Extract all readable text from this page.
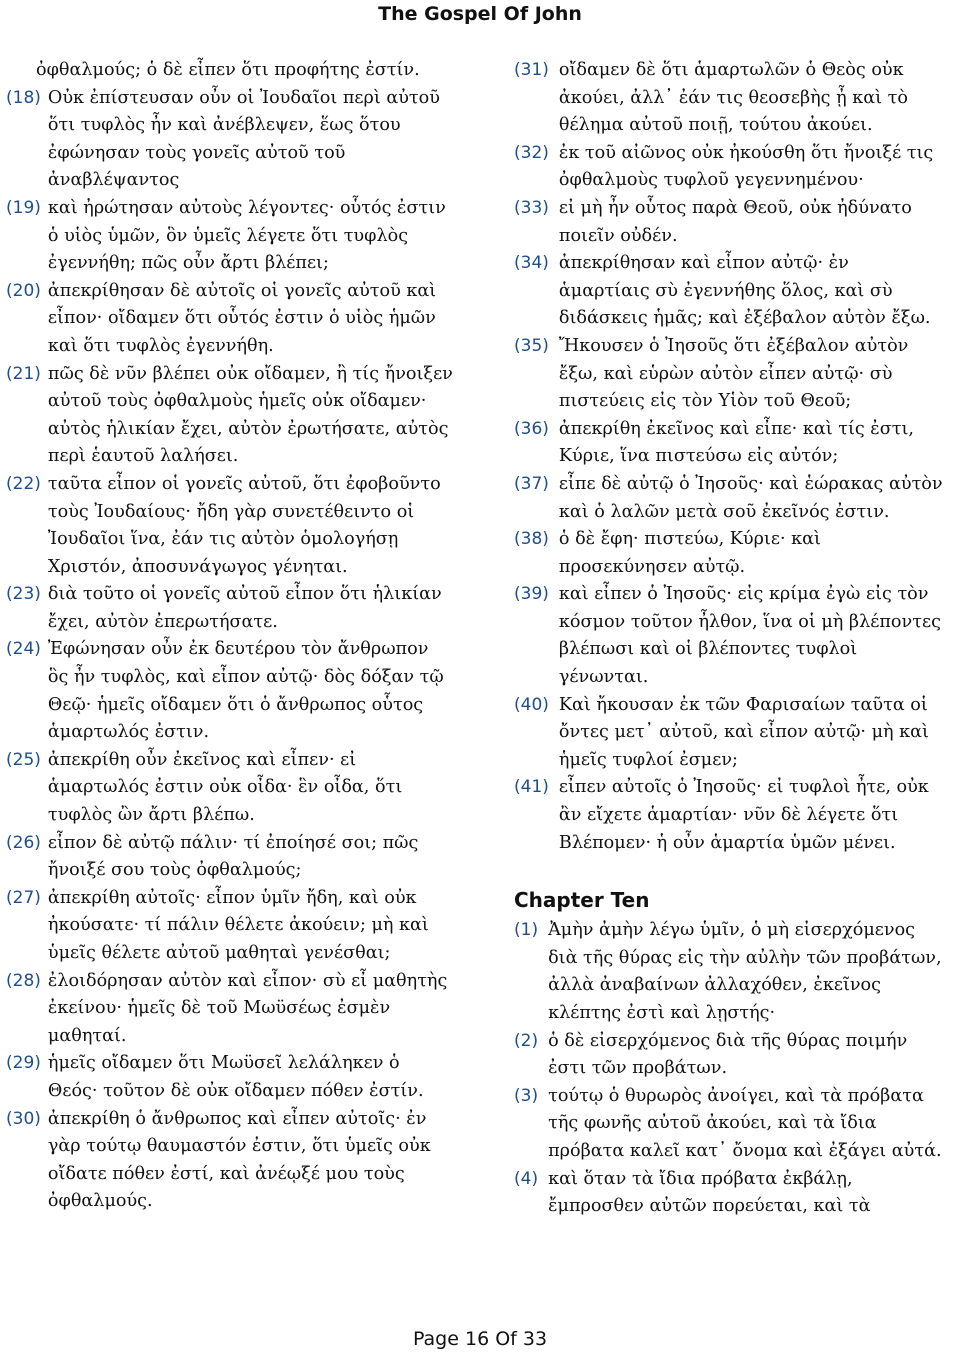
The Gospel Of John
ὀφθαλμούς; ὁ δὲ εἶπεν ὅτι προφήτης ἐστίν.
(18) Οὐκ ἐπίστευσαν οὖν οἱ Ἰουδαῖοι περὶ αὐτοῦ ὅτι τυφλὸς ἦν καὶ ἀνέβλεψεν, ἕως ὅτου ἐφώνησαν τοὺς γονεῖς αὐτοῦ τοῦ ἀναβλέψαντος
(19) καὶ ἠρώτησαν αὐτοὺς λέγοντες· οὗτός ἐστιν ὁ υἱὸς ὑμῶν, ὃν ὑμεῖς λέγετε ὅτι τυφλὸς ἐγεννήθη; πῶς οὖν ἄρτι βλέπει;
(20) ἀπεκρίθησαν δὲ αὐτοῖς οἱ γονεῖς αὐτοῦ καὶ εἶπον· οἴδαμεν ὅτι οὗτός ἐστιν ὁ υἱὸς ἡμῶν καὶ ὅτι τυφλὸς ἐγεννήθη.
(21) πῶς δὲ νῦν βλέπει οὐκ οἴδαμεν, ἢ τίς ἤνοιξεν αὐτοῦ τοὺς ὀφθαλμοὺς ἡμεῖς οὐκ οἴδαμεν· αὐτὸς ἡλικίαν ἔχει, αὐτὸν ἐρωτήσατε, αὐτὸς περὶ ἑαυτοῦ λαλήσει.
(22) ταῦτα εἶπον οἱ γονεῖς αὐτοῦ, ὅτι ἐφοβοῦντο τοὺς Ἰουδαίους· ἤδη γὰρ συνετέθειντο οἱ Ἰουδαῖοι ἵνα, ἐάν τις αὐτὸν ὁμολογήσῃ Χριστόν, ἀποσυνάγωγος γένηται.
(23) διὰ τοῦτο οἱ γονεῖς αὐτοῦ εἶπον ὅτι ἡλικίαν ἔχει, αὐτὸν ἐπερωτήσατε.
(24) Ἐφώνησαν οὖν ἐκ δευτέρου τὸν ἄνθρωπον ὃς ἦν τυφλὸς, καὶ εἶπον αὐτῷ· δὸς δόξαν τῷ Θεῷ· ἡμεῖς οἴδαμεν ὅτι ὁ ἄνθρωπος οὗτος ἁμαρτωλός ἐστιν.
(25) ἀπεκρίθη οὖν ἐκεῖνος καὶ εἶπεν· εἰ ἁμαρτωλός ἐστιν οὐκ οἶδα· ἓν οἶδα, ὅτι τυφλὸς ὢν ἄρτι βλέπω.
(26) εἶπον δὲ αὐτῷ πάλιν· τί ἐποίησέ σοι; πῶς ἤνοιξέ σου τοὺς ὀφθαλμούς;
(27) ἀπεκρίθη αὐτοῖς· εἶπον ὑμῖν ἤδη, καὶ οὐκ ἠκούσατε· τί πάλιν θέλετε ἀκούειν; μὴ καὶ ὑμεῖς θέλετε αὐτοῦ μαθηταὶ γενέσθαι;
(28) ἐλοιδόρησαν αὐτὸν καὶ εἶπον· σὺ εἶ μαθητὴς ἐκείνου· ἡμεῖς δὲ τοῦ Μωϋσέως ἐσμὲν μαθηταί.
(29) ἡμεῖς οἴδαμεν ὅτι Μωϋσεῖ λελάληκεν ὁ Θεός· τοῦτον δὲ οὐκ οἴδαμεν πόθεν ἐστίν.
(30) ἀπεκρίθη ὁ ἄνθρωπος καὶ εἶπεν αὐτοῖς· ἐν γὰρ τούτῳ θαυμαστόν ἐστιν, ὅτι ὑμεῖς οὐκ οἴδατε πόθεν ἐστί, καὶ ἀνέῳξέ μου τοὺς ὀφθαλμούς.
(31) οἴδαμεν δὲ ὅτι ἁμαρτωλῶν ὁ Θεὸς οὐκ ἀκούει, ἀλλ᾽ ἐάν τις θεοσεβὴς ᾖ καὶ τὸ θέλημα αὐτοῦ ποιῇ, τούτου ἀκούει.
(32) ἐκ τοῦ αἰῶνος οὐκ ἠκούσθη ὅτι ἤνοιξέ τις ὀφθαλμοὺς τυφλοῦ γεγεννημένου·
(33) εἰ μὴ ἦν οὗτος παρὰ Θεοῦ, οὐκ ἠδύνατο ποιεῖν οὐδέν.
(34) ἀπεκρίθησαν καὶ εἶπον αὐτῷ· ἐν ἁμαρτίαις σὺ ἐγεννήθης ὅλος, καὶ σὺ διδάσκεις ἡμᾶς; καὶ ἐξέβαλον αὐτὸν ἔξω.
(35) Ἤκουσεν ὁ Ἰησοῦς ὅτι ἐξέβαλον αὐτὸν ἔξω, καὶ εὑρὼν αὐτὸν εἶπεν αὐτῷ· σὺ πιστεύεις εἰς τὸν Υἱὸν τοῦ Θεοῦ;
(36) ἀπεκρίθη ἐκεῖνος καὶ εἶπε· καὶ τίς ἐστι, Κύριε, ἵνα πιστεύσω εἰς αὐτόν;
(37) εἶπε δὲ αὐτῷ ὁ Ἰησοῦς· καὶ ἑώρακας αὐτὸν καὶ ὁ λαλῶν μετὰ σοῦ ἐκεῖνός ἐστιν.
(38) ὁ δὲ ἔφη· πιστεύω, Κύριε· καὶ προσεκύνησεν αὐτῷ.
(39) καὶ εἶπεν ὁ Ἰησοῦς· εἰς κρίμα ἐγὼ εἰς τὸν κόσμον τοῦτον ἦλθον, ἵνα οἱ μὴ βλέποντες βλέπωσι καὶ οἱ βλέποντες τυφλοὶ γένωνται.
(40) Καὶ ἤκουσαν ἐκ τῶν Φαρισαίων ταῦτα οἱ ὄντες μετ᾽ αὐτοῦ, καὶ εἶπον αὐτῷ· μὴ καὶ ἡμεῖς τυφλοί ἐσμεν;
(41) εἶπεν αὐτοῖς ὁ Ἰησοῦς· εἰ τυφλοὶ ἦτε, οὐκ ἂν εἴχετε ἁμαρτίαν· νῦν δὲ λέγετε ὅτι Βλέπομεν· ἡ οὖν ἁμαρτία ὑμῶν μένει.
Chapter Ten
(1) Ἀμὴν ἀμὴν λέγω ὑμῖν, ὁ μὴ εἰσερχόμενος διὰ τῆς θύρας εἰς τὴν αὐλὴν τῶν προβάτων, ἀλλὰ ἀναβαίνων ἀλλαχόθεν, ἐκεῖνος κλέπτης ἐστὶ καὶ λῃστής·
(2) ὁ δὲ εἰσερχόμενος διὰ τῆς θύρας ποιμήν ἐστι τῶν προβάτων.
(3) τούτῳ ὁ θυρωρὸς ἀνοίγει, καὶ τὰ πρόβατα τῆς φωνῆς αὐτοῦ ἀκούει, καὶ τὰ ἴδια πρόβατα καλεῖ κατ᾽ ὄνομα καὶ ἐξάγει αὐτά.
(4) καὶ ὅταν τὰ ἴδια πρόβατα ἐκβάλῃ, ἔμπροσθεν αὐτῶν πορεύεται, καὶ τὰ
Page 16 Of 33
